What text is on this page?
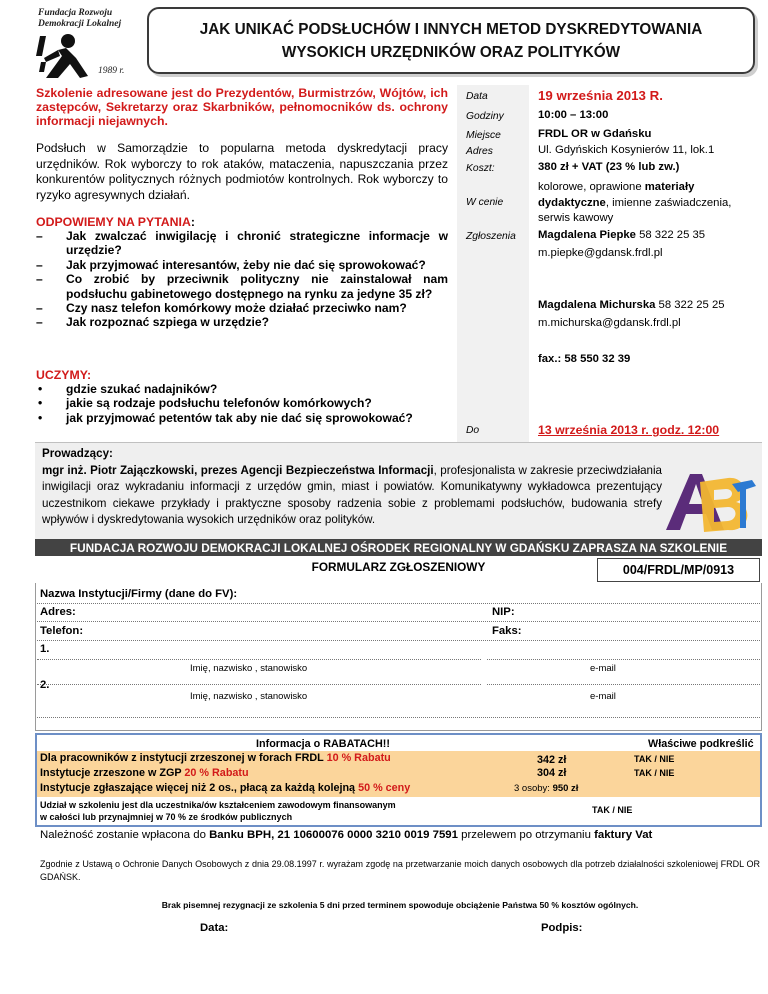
Fundacja Rozwoju Demokracji Lokalnej
1989 r.
JAK UNIKAĆ PODSŁUCHÓW I INNYCH METOD DYSKREDYTOWANIA
WYSOKICH URZĘDNIKÓW ORAZ POLITYKÓW
Szkolenie adresowane jest do Prezydentów, Burmistrzów, Wójtów, ich zastępców, Sekretarzy oraz Skarbników, pełnomocników ds. ochrony informacji niejawnych.
Podsłuch w Samorządzie to popularna metoda dyskredytacji pracy urzędników. Rok wyborczy to rok ataków, mataczenia, napuszczania przez konkurentów politycznych różnych podmiotów kontrolnych. Rok wyborczy to ryzyko agresywnych działań.
ODPOWIEMY NA PYTANIA:
– Jak zwalczać inwigilację i chronić strategiczne informacje w urzędzie?
– Jak przyjmować interesantów, żeby nie dać się sprowokować?
– Co zrobić by przeciwnik polityczny nie zainstalował nam podsłuchu gabinetowego dostępnego na rynku za jedyne 35 zł?
– Czy nasz telefon komórkowy może działać przeciwko nam?
– Jak rozpoznać szpiega w urzędzie?
UCZYMY:
• gdzie szukać nadajników?
• jakie są rodzaje podsłuchu telefonów komórkowych?
• jak przyjmować petentów tak aby nie dać się sprowokować?
Data	19 września 2013 R.
Godziny	10:00 – 13:00
Miejsce	FRDL OR w Gdańsku
Adres	Ul. Gdyńskich Kosynierów 11, lok.1
Koszt:	380 zł + VAT (23 % lub zw.)
W cenie
kolorowe, oprawione materiały dydaktyczne, imienne zaświadczenia, serwis kawowy
Zgłoszenia Magdalena Piepke 58 322 25 35
m.piepke@gdansk.frdl.pl
Magdalena Michurska 58 322 25 25
m.michurska@gdansk.frdl.pl
fax.: 58 550 32 39
Do	13 września 2013 r. godz. 12:00
Prowadzący:
mgr inż. Piotr Zajączkowski, prezes Agencji Bezpieczeństwa Informacji, profesjonalista w zakresie przeciwdziałania inwigilacji oraz wykradaniu informacji z urzędów gmin, miast i powiatów. Komunikatywny wykładowca prezentujący uczestnikom ciekawe przykłady i praktyczne sposoby radzenia sobie z problemami podsłuchów, budowania strefy wpływów i dyskredytowania wysokich urzędników oraz polityków.
FUNDACJA ROZWOJU DEMOKRACJI LOKALNEJ OŚRODEK REGIONALNY W GDAŃSKU ZAPRASZA NA SZKOLENIE
FORMULARZ ZGŁOSZENIOWY	004/FRDL/MP/0913
Nazwa Instytucji/Firmy (dane do FV):
Adres:	NIP:
Telefon:	Faks:
1.
Imię, nazwisko , stanowisko	e-mail
2.
Imię, nazwisko , stanowisko	e-mail
Informacja o RABATACH!!	Właściwe podkreślić
Dla pracowników z instytucji zrzeszonej w forach FRDL 10 % Rabatu	342 zł	TAK / NIE
Instytucje zrzeszone w ZGP 20 % Rabatu	304 zł	TAK / NIE
Instytucje zgłaszające więcej niż 2 os., płacą za każdą kolejną 50 % ceny	3 osoby: 950 zł
Udział w szkoleniu jest dla uczestnika/ów kształceniem zawodowym finansowanym
w całości lub przynajmniej w 70 % ze środków publicznych
TAK / NIE
Należność zostanie wpłacona do Banku BPH, 21 10600076 0000 3210 0019 7591 przelewem po otrzymaniu faktury Vat
Zgodnie z Ustawą o Ochronie Danych Osobowych z dnia 29.08.1997 r. wyrażam zgodę na przetwarzanie moich danych osobowych dla potrzeb działalności szkoleniowej FRDL OR GDAŃSK.
Brak pisemnej rezygnacji ze szkolenia 5 dni przed terminem spowoduje obciążenie Państwa 50 % kosztów ogólnych.
Data:	Podpis:
